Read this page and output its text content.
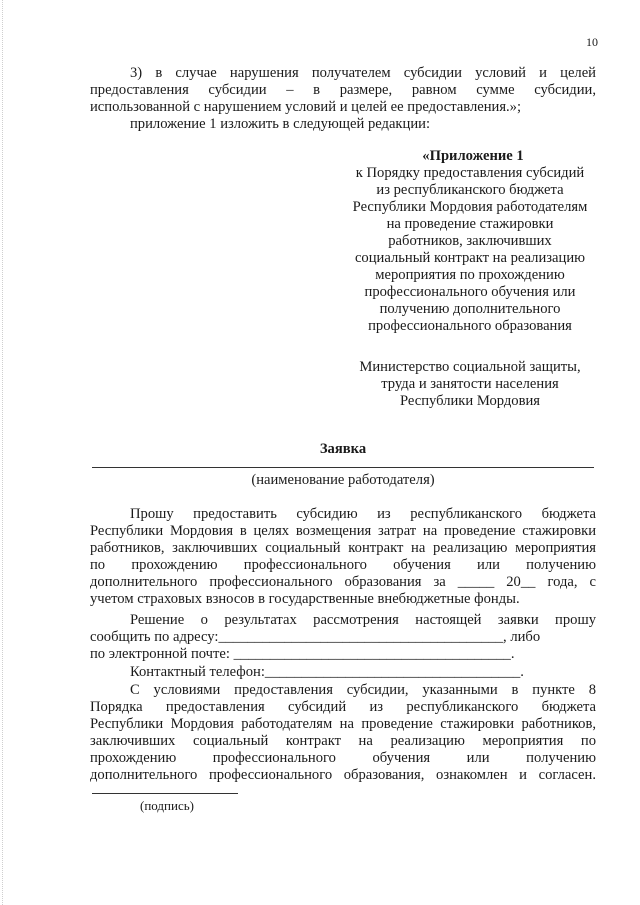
10
3) в случае нарушения получателем субсидии условий и целей
предоставления субсидии – в размере, равном сумме субсидии,
использованной с нарушением условий и целей ее предоставления.»;
приложение 1 изложить в следующей редакции:
«Приложение 1
к Порядку предоставления субсидий
из республиканского бюджета
Республики Мордовия работодателям
на проведение стажировки
работников, заключивших
социальный контракт на реализацию
мероприятия по прохождению
профессионального обучения или
получению дополнительного
профессионального образования
Министерство социальной защиты,
труда и занятости населения
Республики Мордовия
Заявка
(наименование работодателя)
Прошу предоставить субсидию из республиканского бюджета
Республики Мордовия в целях возмещения затрат на проведение стажировки
работников, заключивших социальный контракт на реализацию мероприятия
по прохождению профессионального обучения или получению
дополнительного профессионального образования за _____ 20__ года, с
учетом страховых взносов в государственные внебюджетные фонды.
Решение о результатах рассмотрения настоящей заявки прошу
сообщить по адресу:_______________________________________, либо
по электронной почте: ______________________________________.
Контактный телефон:___________________________________.
С условиями предоставления субсидии, указанными в пункте 8
Порядка предоставления субсидий из республиканского бюджета
Республики Мордовия работодателям на проведение стажировки работников,
заключивших социальный контракт на реализацию мероприятия по
прохождению профессионального обучения или получению
дополнительного профессионального образования, ознакомлен и согласен.
(подпись)
